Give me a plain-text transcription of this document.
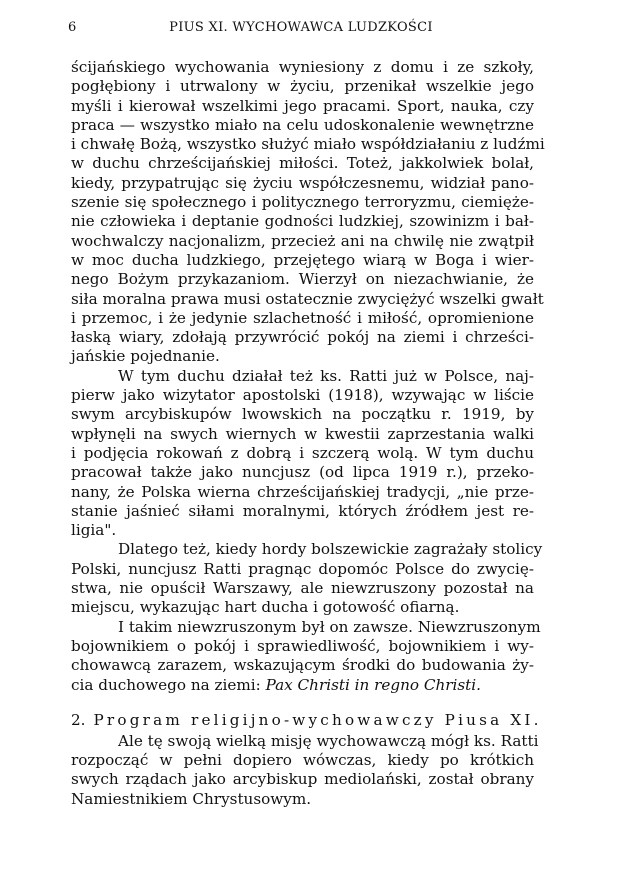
6	PIUS XI. WYCHOWAWCA LUDZKOŚCI
ścijańskiego wychowania wyniesiony z domu i ze szkoły,
pogłębiony i utrwalony w życiu, przenikał wszelkie jego
myśli i kierował wszelkimi jego pracami. Sport, nauka, czy
praca — wszystko miało na celu udoskonalenie wewnętrzne
i chwałę Bożą, wszystko służyć miało współdziałaniu z ludźmi
w duchu chrześcijańskiej miłości. Toteż, jakkolwiek bolał,
kiedy, przypatrując się życiu współczesnemu, widział pano-
szenie się społecznego i politycznego terroryzmu, ciemięże-
nie człowieka i deptanie godności ludzkiej, szowinizm i bał-
wochwalczy nacjonalizm, przecież ani na chwilę nie zwątpił
w moc ducha ludzkiego, przejętego wiarą w Boga i wier-
nego Bożym przykazaniom. Wierzył on niezachwianie, że
siła moralna prawa musi ostatecznie zwyciężyć wszelki gwałt
i przemoc, i że jedynie szlachetność i miłość, opromienione
łaską wiary, zdołają przywrócić pokój na ziemi i chrześci-
jańskie pojednanie.
W tym duchu działał też ks. Ratti już w Polsce, naj-
pierw jako wizytator apostolski (1918), wzywając w liście
swym arcybiskupów lwowskich na początku r. 1919, by
wpłynęli na swych wiernych w kwestii zaprzestania walki
i podjęcia rokowań z dobrą i szczerą wolą. W tym duchu
pracował także jako nuncjusz (od lipca 1919 r.), przeko-
nany, że Polska wierna chrześcijańskiej tradycji, „nie prze-
stanie jaśnieć siłami moralnymi, których źródłem jest re-
ligia".
Dlatego też, kiedy hordy bolszewickie zagrażały stolicy
Polski, nuncjusz Ratti pragnąc dopomóc Polsce do zwycię-
stwa, nie opuścił Warszawy, ale niewzruszony pozostał na
miejscu, wykazując hart ducha i gotowość ofiarną.
I takim niewzruszonym był on zawsze. Niewzruszonym
bojownikiem o pokój i sprawiedliwość, bojownikiem i wy-
chowawcą zarazem, wskazującym środki do budowania ży-
cia duchowego na ziemi: Pax Christi in regno Christi.
2. Program religijno-wychowawczy Piusa XI.
Ale tę swoją wielką misję wychowawczą mógł ks. Ratti
rozpocząć w pełni dopiero wówczas, kiedy po krótkich
swych rządach jako arcybiskup mediolański, został obrany
Namiestnikiem Chrystusowym.
